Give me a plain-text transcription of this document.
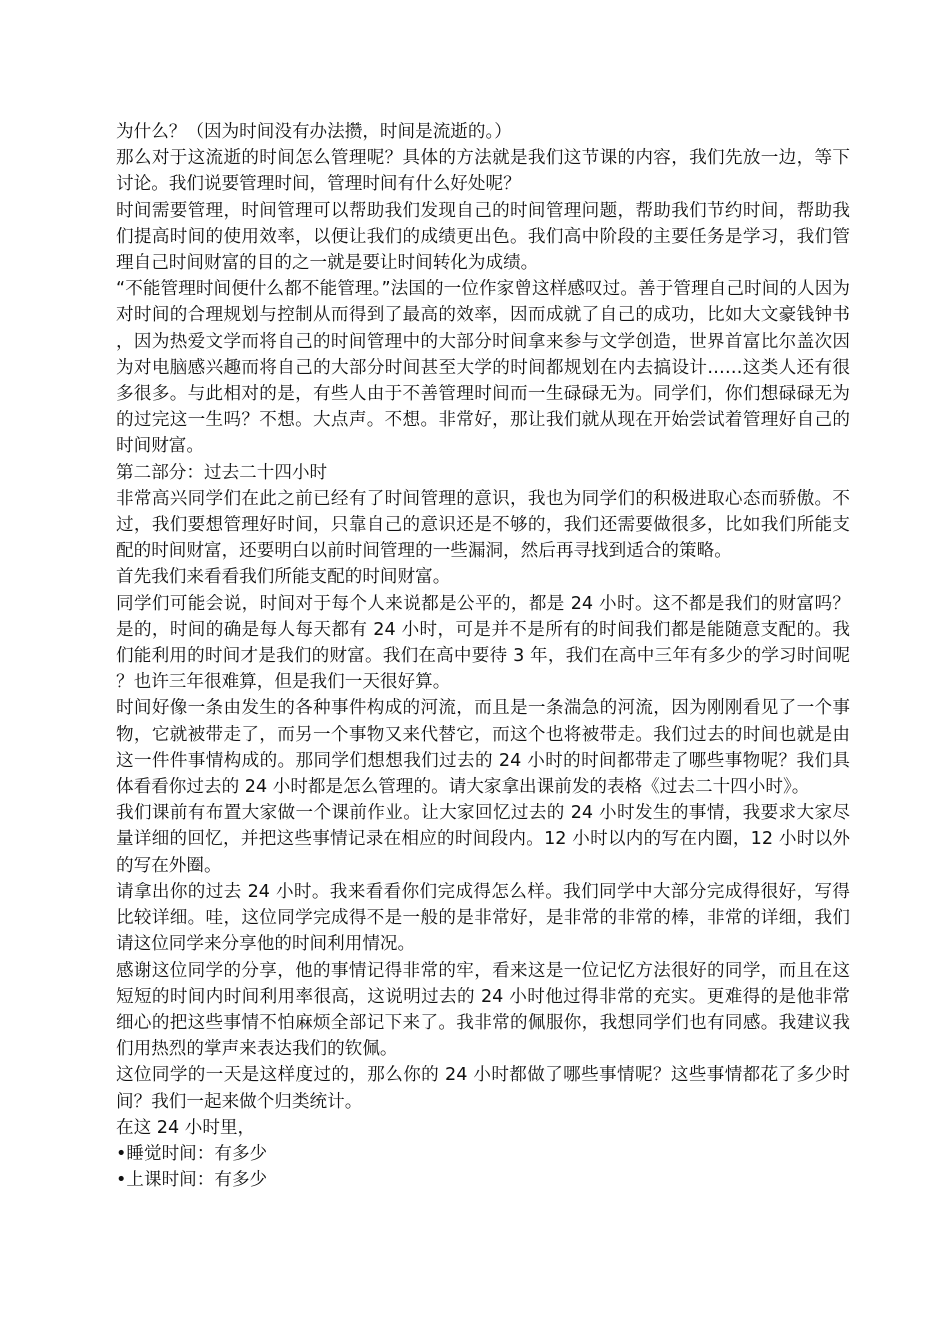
为什么？（因为时间没有办法攒，时间是流逝的。）

那么对于这流逝的时间怎么管理呢？具体的方法就是我们这节课的内容，我们先放一边，等下讨论。我们说要管理时间，管理时间有什么好处呢？

时间需要管理，时间管理可以帮助我们发现自己的时间管理问题，帮助我们节约时间，帮助我们提高时间的使用效率，以便让我们的成绩更出色。我们高中阶段的主要任务是学习，我们管理自己时间财富的目的之一就是要让时间转化为成绩。

“不能管理时间便什么都不能管理。”法国的一位作家曾这样感叹过。善于管理自己时间的人因为对时间的合理规划与控制从而得到了最高的效率，因而成就了自己的成功，比如大文豪钱钟书，因为热爱文学而将自己的时间管理中的大部分时间拿来参与文学创造，世界首富比尔盖次因为对电脑感兴趣而将自己的大部分时间甚至大学的时间都规划在内去搞设计……这类人还有很多很多。与此相对的是，有些人由于不善管理时间而一生碌碌无为。同学们，你们想碌碌无为的过完这一生吗？不想。大点声。不想。非常好，那让我们就从现在开始尝试着管理好自己的时间财富。

第二部分：过去二十四小时

非常高兴同学们在此之前已经有了时间管理的意识，我也为同学们的积极进取心态而骄傲。不过，我们要想管理好时间，只靠自己的意识还是不够的，我们还需要做很多，比如我们所能支配的时间财富，还要明白以前时间管理的一些漏洞，然后再寻找到适合的策略。

首先我们来看看我们所能支配的时间财富。

同学们可能会说，时间对于每个人来说都是公平的，都是 24 小时。这不都是我们的财富吗？是的，时间的确是每人每天都有 24 小时，可是并不是所有的时间我们都是能随意支配的。我们能利用的时间才是我们的财富。我们在高中要待 3 年，我们在高中三年有多少的学习时间呢？也许三年很难算，但是我们一天很好算。

时间好像一条由发生的各种事件构成的河流，而且是一条湍急的河流，因为刚刚看见了一个事物，它就被带走了，而另一个事物又来代替它，而这个也将被带走。我们过去的时间也就是由这一件件事情构成的。那同学们想想我们过去的 24 小时的时间都带走了哪些事物呢？我们具体看看你过去的 24 小时都是怎么管理的。请大家拿出课前发的表格《过去二十四小时》。

我们课前有布置大家做一个课前作业。让大家回忆过去的 24 小时发生的事情，我要求大家尽量详细的回忆，并把这些事情记录在相应的时间段内。12 小时以内的写在内圈，12 小时以外的写在外圈。

请拿出你的过去 24 小时。我来看看你们完成得怎么样。我们同学中大部分完成得很好，写得比较详细。哇，这位同学完成得不是一般的是非常好，是非常的非常的棒，非常的详细，我们请这位同学来分享他的时间利用情况。

感谢这位同学的分享，他的事情记得非常的牢，看来这是一位记忆方法很好的同学，而且在这短短的时间内时间利用率很高，这说明过去的 24 小时他过得非常的充实。更难得的是他非常细心的把这些事情不怕麻烦全部记下来了。我非常的佩服你，我想同学们也有同感。我建议我们用热烈的掌声来表达我们的钦佩。

这位同学的一天是这样度过的，那么你的 24 小时都做了哪些事情呢？这些事情都花了多少时间？我们一起来做个归类统计。

在这 24 小时里，

•睡觉时间：有多少

•上课时间：有多少
